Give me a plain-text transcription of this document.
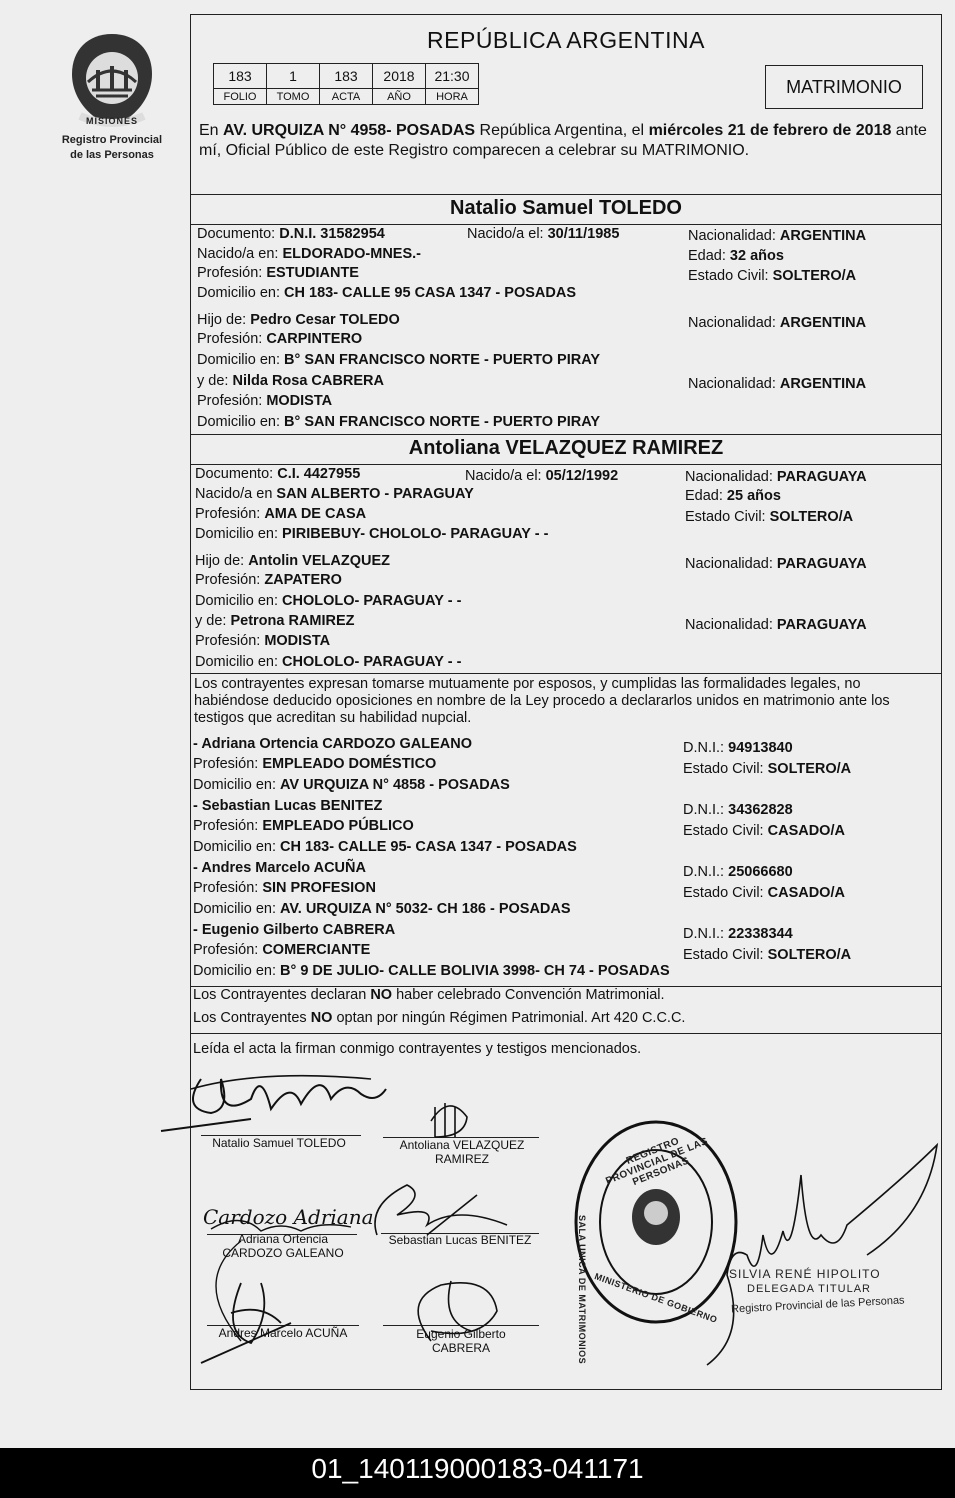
MISIONES
Registro Provincial
de las Personas
REPÚBLICA ARGENTINA
183	1	183	2018	21:30
FOLIO	TOMO	ACTA	AÑO	HORA	MATRIMONIO
En AV. URQUIZA N° 4958- POSADAS República Argentina, el miércoles 21 de febrero de 2018 ante mí, Oficial Público de este Registro comparecen a celebrar su MATRIMONIO.
Natalio Samuel TOLEDO
Documento: D.N.I. 31582954	Nacido/a el: 30/11/1985	Nacionalidad: ARGENTINA
Nacido/a en: ELDORADO-MNES.-	Edad: 32 años
Profesión: ESTUDIANTE	Estado Civil: SOLTERO/A
Domicilio en: CH 183- CALLE 95 CASA 1347 - POSADAS
Hijo de: Pedro Cesar TOLEDO	Nacionalidad: ARGENTINA
Profesión: CARPINTERO
Domicilio en: B° SAN FRANCISCO NORTE - PUERTO PIRAY
y de: Nilda Rosa CABRERA	Nacionalidad: ARGENTINA
Profesión: MODISTA
Domicilio en: B° SAN FRANCISCO NORTE - PUERTO PIRAY
Antoliana VELAZQUEZ RAMIREZ
Documento: C.I. 4427955	Nacido/a el: 05/12/1992	Nacionalidad: PARAGUAYA
Nacido/a en SAN ALBERTO - PARAGUAY	Edad: 25 años
Profesión: AMA DE CASA	Estado Civil: SOLTERO/A
Domicilio en: PIRIBEBUY- CHOLOLO- PARAGUAY - -
Hijo de: Antolin VELAZQUEZ	Nacionalidad: PARAGUAYA
Profesión: ZAPATERO
Domicilio en: CHOLOLO- PARAGUAY - -
y de: Petrona RAMIREZ	Nacionalidad: PARAGUAYA
Profesión: MODISTA
Domicilio en: CHOLOLO- PARAGUAY - -
Los contrayentes expresan tomarse mutuamente por esposos, y cumplidas las formalidades legales, no habiéndose deducido oposiciones en nombre de la Ley procedo a declararlos unidos en matrimonio ante los testigos que acreditan su habilidad nupcial.
- Adriana Ortencia CARDOZO GALEANO	D.N.I.: 94913840
Profesión: EMPLEADO DOMÉSTICO	Estado Civil: SOLTERO/A
Domicilio en: AV URQUIZA N° 4858 - POSADAS
- Sebastian Lucas BENITEZ	D.N.I.: 34362828
Profesión: EMPLEADO PÚBLICO	Estado Civil: CASADO/A
Domicilio en: CH 183- CALLE 95- CASA 1347 - POSADAS
- Andres Marcelo ACUÑA	D.N.I.: 25066680
Profesión: SIN PROFESION	Estado Civil: CASADO/A
Domicilio en: AV. URQUIZA N° 5032- CH 186 - POSADAS
- Eugenio Gilberto CABRERA	D.N.I.: 22338344
Profesión: COMERCIANTE	Estado Civil: SOLTERO/A
Domicilio en: B° 9 DE JULIO- CALLE BOLIVIA 3998- CH 74 - POSADAS
Los Contrayentes declaran NO haber celebrado Convención Matrimonial.
Los Contrayentes NO optan por ningún Régimen Patrimonial. Art 420 C.C.C.
Leída el acta la firman conmigo contrayentes y testigos mencionados.
Natalio Samuel TOLEDO	Antoliana VELAZQUEZ
RAMIREZ
Adriana Ortencia
CARDOZO GALEANO
Sebastian Lucas BENITEZ
Andres Marcelo ACUÑA	Eugenio Gilberto
CABRERA
Cardozo Adriana
REGISTRO PROVINCIAL DE LAS PERSONAS
SALA UNICA DE MATRIMONIOS MINISTERIO DE GOBIERNO SILVIA RENÉ HIPOLITO
DELEGADA TITULAR
Registro Provincial de las Personas
01_140119000183-041171
